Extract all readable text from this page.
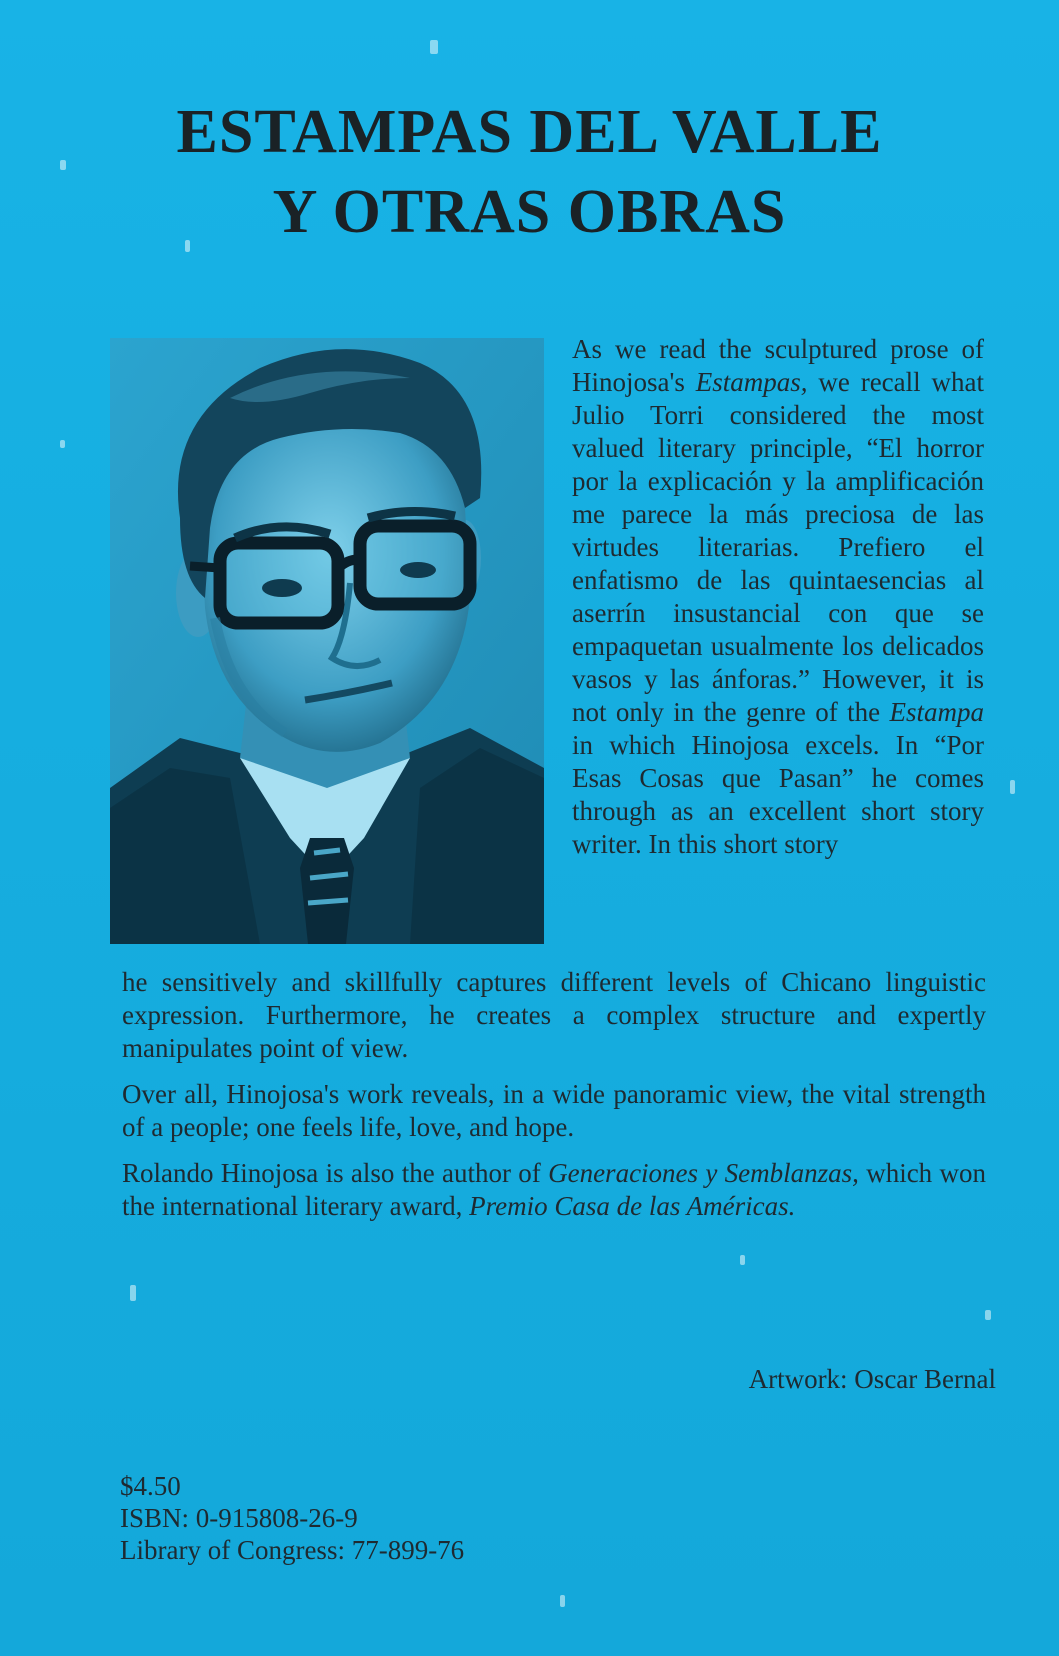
ESTAMPAS DEL VALLE
Y OTRAS OBRAS

As we read the sculptured prose of Hinojosa's Estampas, we recall what Julio Torri considered the most valued literary principle, “El horror por la explicación y la amplificación me parece la más preciosa de las virtudes literarias. Prefiero el enfatismo de las quintaesencias al aserrín insustancial con que se empaquetan usualmente los delicados vasos y las ánforas.” However, it is not only in the genre of the Estampa in which Hinojosa excels. In “Por Esas Cosas que Pasan” he comes through as an excellent short story writer. In this short story

he sensitively and skillfully captures different levels of Chicano linguistic expression. Furthermore, he creates a complex structure and expertly manipulates point of view.

Over all, Hinojosa's work reveals, in a wide panoramic view, the vital strength of a people; one feels life, love, and hope.

Rolando Hinojosa is also the author of Generaciones y Semblanzas, which won the international literary award, Premio Casa de las Américas.

Artwork: Oscar Bernal
$4.50
ISBN: 0-915808-26-9
Library of Congress: 77-899-76
